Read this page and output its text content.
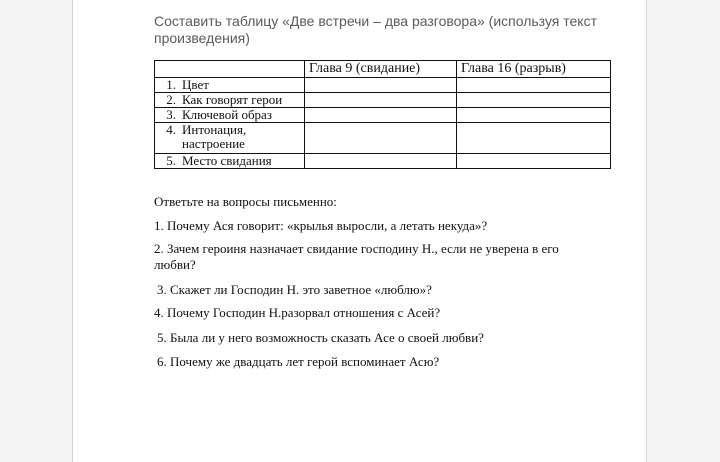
Составить таблицу «Две встречи – два разговора» (используя текст произведения)
	Глава 9 (свидание)	Глава 16 (разрыв)

1. Цвет		

2. Как говорят герои		

3. Ключевой образ		

4. Интонация,
настроение		

5. Место свидания		

Ответьте на вопросы письменно:
1. Почему Ася говорит: «крылья выросли, а летать некуда»?
2. Зачем героиня назначает свидание господину Н., если не уверена в его любви?
3. Скажет ли Господин Н. это заветное «люблю»?
4. Почему Господин Н.разорвал отношения с Асей?
5. Была ли у него возможность сказать Асе о своей любви?
6. Почему же двадцать лет герой вспоминает Асю?
